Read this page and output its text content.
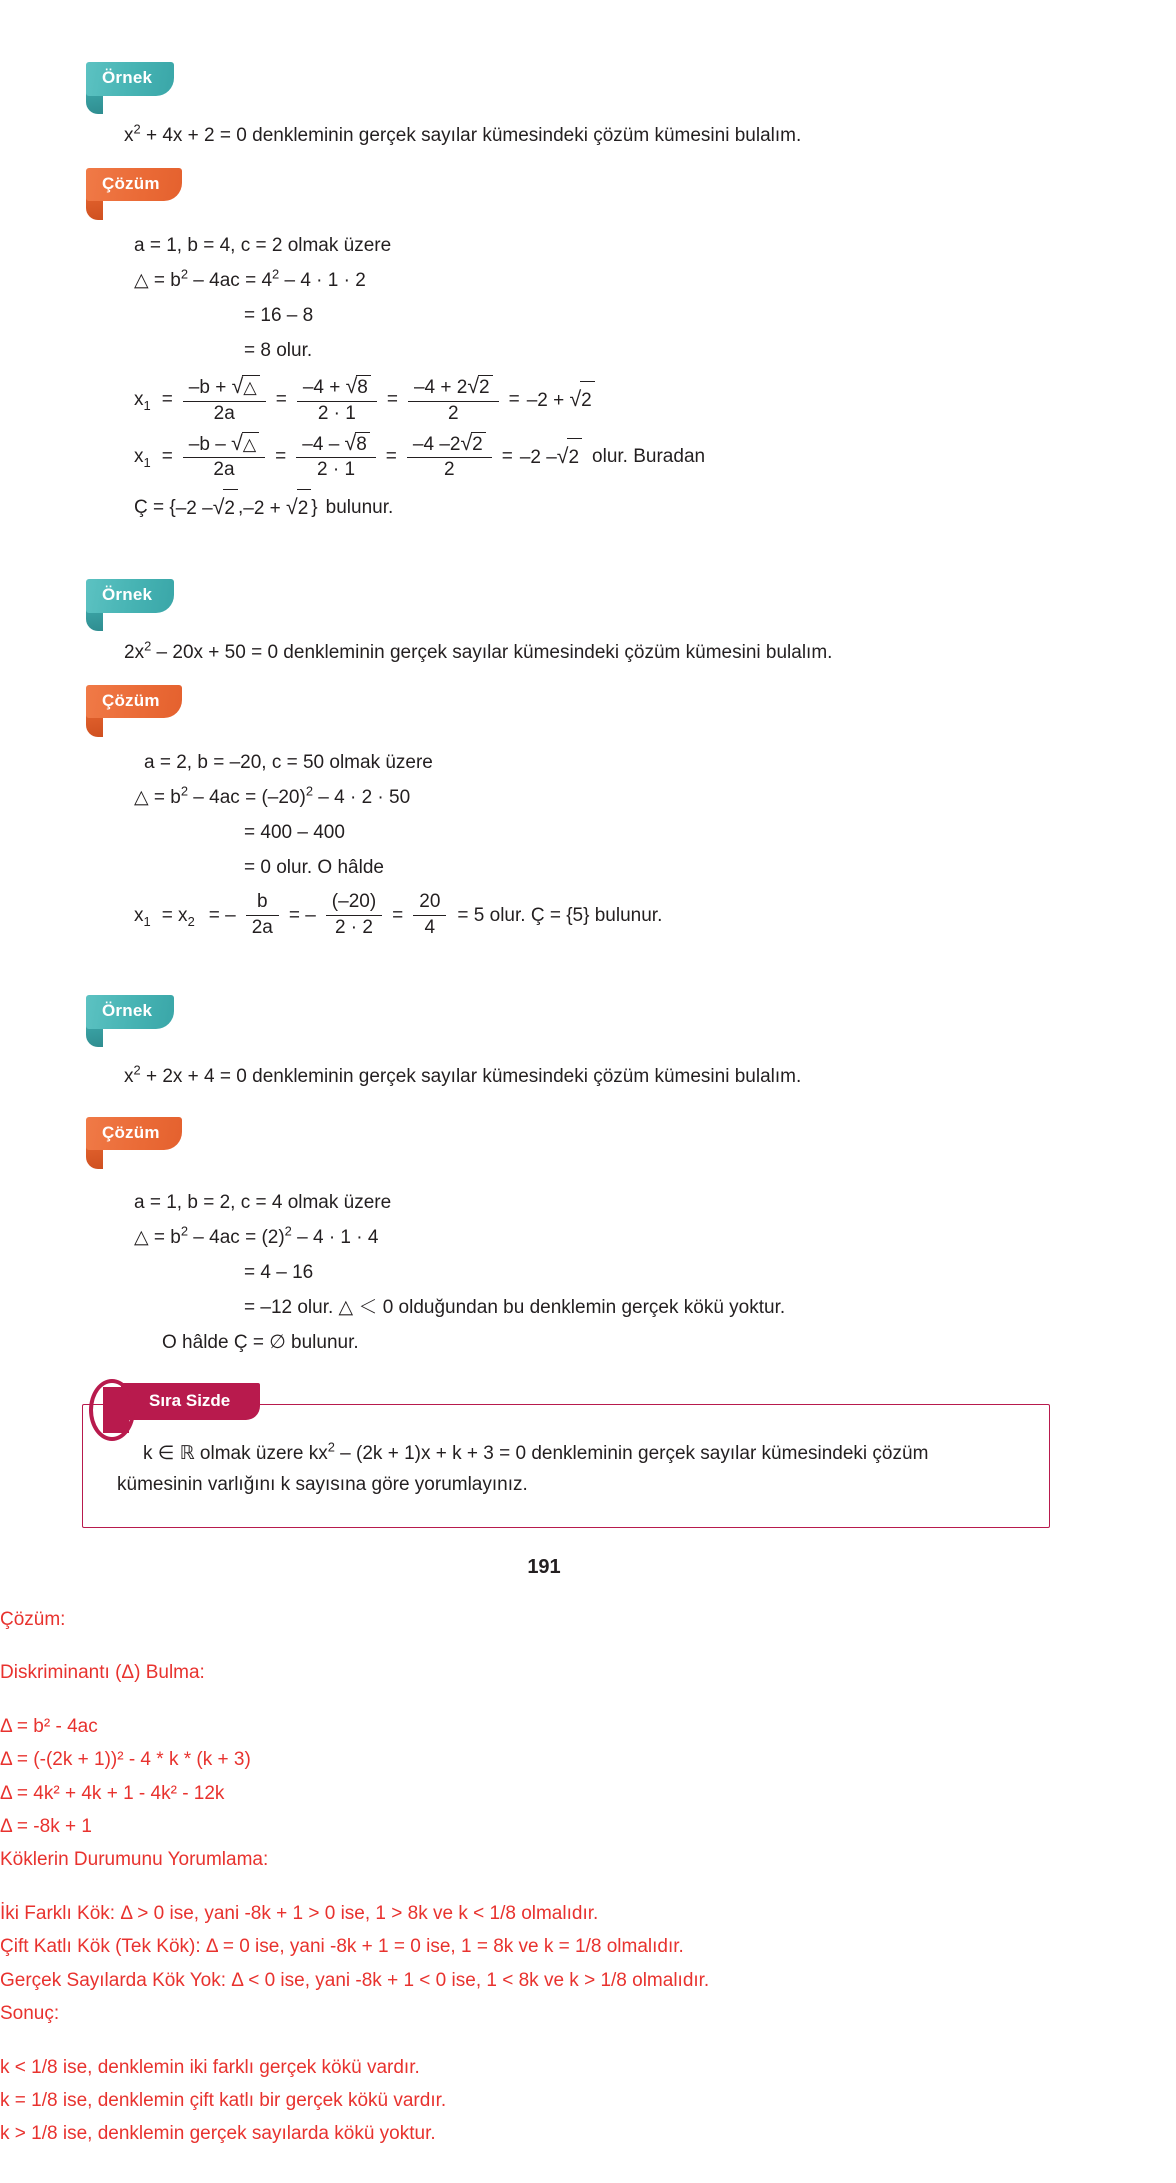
Örnek
$x^2 + 4x + 2 = 0$ denkleminin gerçek sayılar kümesindeki çözüm kümesini bulalım.
Çözüm
a = 1, b = 4, c = 2 olmak üzere
△ = $b^2 - 4ac = 4^2 - 4 \cdot 1 \cdot 2$
= 16 – 8
= 8 olur.
$x_1 = \frac{-b + √\triangle}{2a} = \frac{-4 + √8}{2 \cdot 1} = \frac{-4 + 2√2}{2} = -2 + √2$
$x_1 = \frac{-b - √\triangle}{2a} = \frac{-4 - √8}{2 \cdot 1} = \frac{-4 -2√2}{2} = -2$ –√2 olur. Buradan
Ç = { –2 –√2 , –2 + √2 } bulunur.
Örnek
$2x^2 - 20x + 50 = 0$ denkleminin gerçek sayılar kümesindeki çözüm kümesini bulalım.
Çözüm
a = 2, b = –20, c = 50 olmak üzere
△ = $b^2 - 4ac = (-20)^2 - 4 \cdot 2 \cdot 50$
= 400 – 400
= 0 olur. O hâlde
$x_1 = x_2$ = – $\frac{b}{2a}$ = – $\frac{(-20)}{2 \cdot 2} = \frac{20}{4} = 5$ olur. Ç = {5} bulunur.
Örnek
$x^2 + 2x + 4 = 0$ denkleminin gerçek sayılar kümesindeki çözüm kümesini bulalım.
Çözüm
a = 1, b = 2, c = 4 olmak üzere
△ = $b^2 - 4ac = (2)^2 - 4 \cdot 1 \cdot 4$
= 4 – 16
= –12 olur. △ ＜ 0 olduğundan bu denklemin gerçek kökü yoktur.
O hâlde Ç = ∅ bulunur.
Sıra Sizde
k ∈ ℝ olmak üzere $kx^2 - (2k + 1)x + k + 3 = 0$ denkleminin gerçek sayılar kümesindeki çözüm
kümesinin varlığını k sayısına göre yorumlayınız.
191
Çözüm:
Diskriminantı (Δ) Bulma:
Δ = b² - 4ac
Δ = (-(2k + 1))² - 4 * k * (k + 3)
Δ = 4k² + 4k + 1 - 4k² - 12k
Δ = -8k + 1
Köklerin Durumunu Yorumlama:
İki Farklı Kök: Δ > 0 ise, yani -8k + 1 > 0 ise, 1 > 8k ve k < 1/8 olmalıdır.
Çift Katlı Kök (Tek Kök): Δ = 0 ise, yani -8k + 1 = 0 ise, 1 = 8k ve k = 1/8 olmalıdır.
Gerçek Sayılarda Kök Yok: Δ < 0 ise, yani -8k + 1 < 0 ise, 1 < 8k ve k > 1/8 olmalıdır.
Sonuç:
k < 1/8 ise, denklemin iki farklı gerçek kökü vardır.
k = 1/8 ise, denklemin çift katlı bir gerçek kökü vardır.
k > 1/8 ise, denklemin gerçek sayılarda kökü yoktur.
